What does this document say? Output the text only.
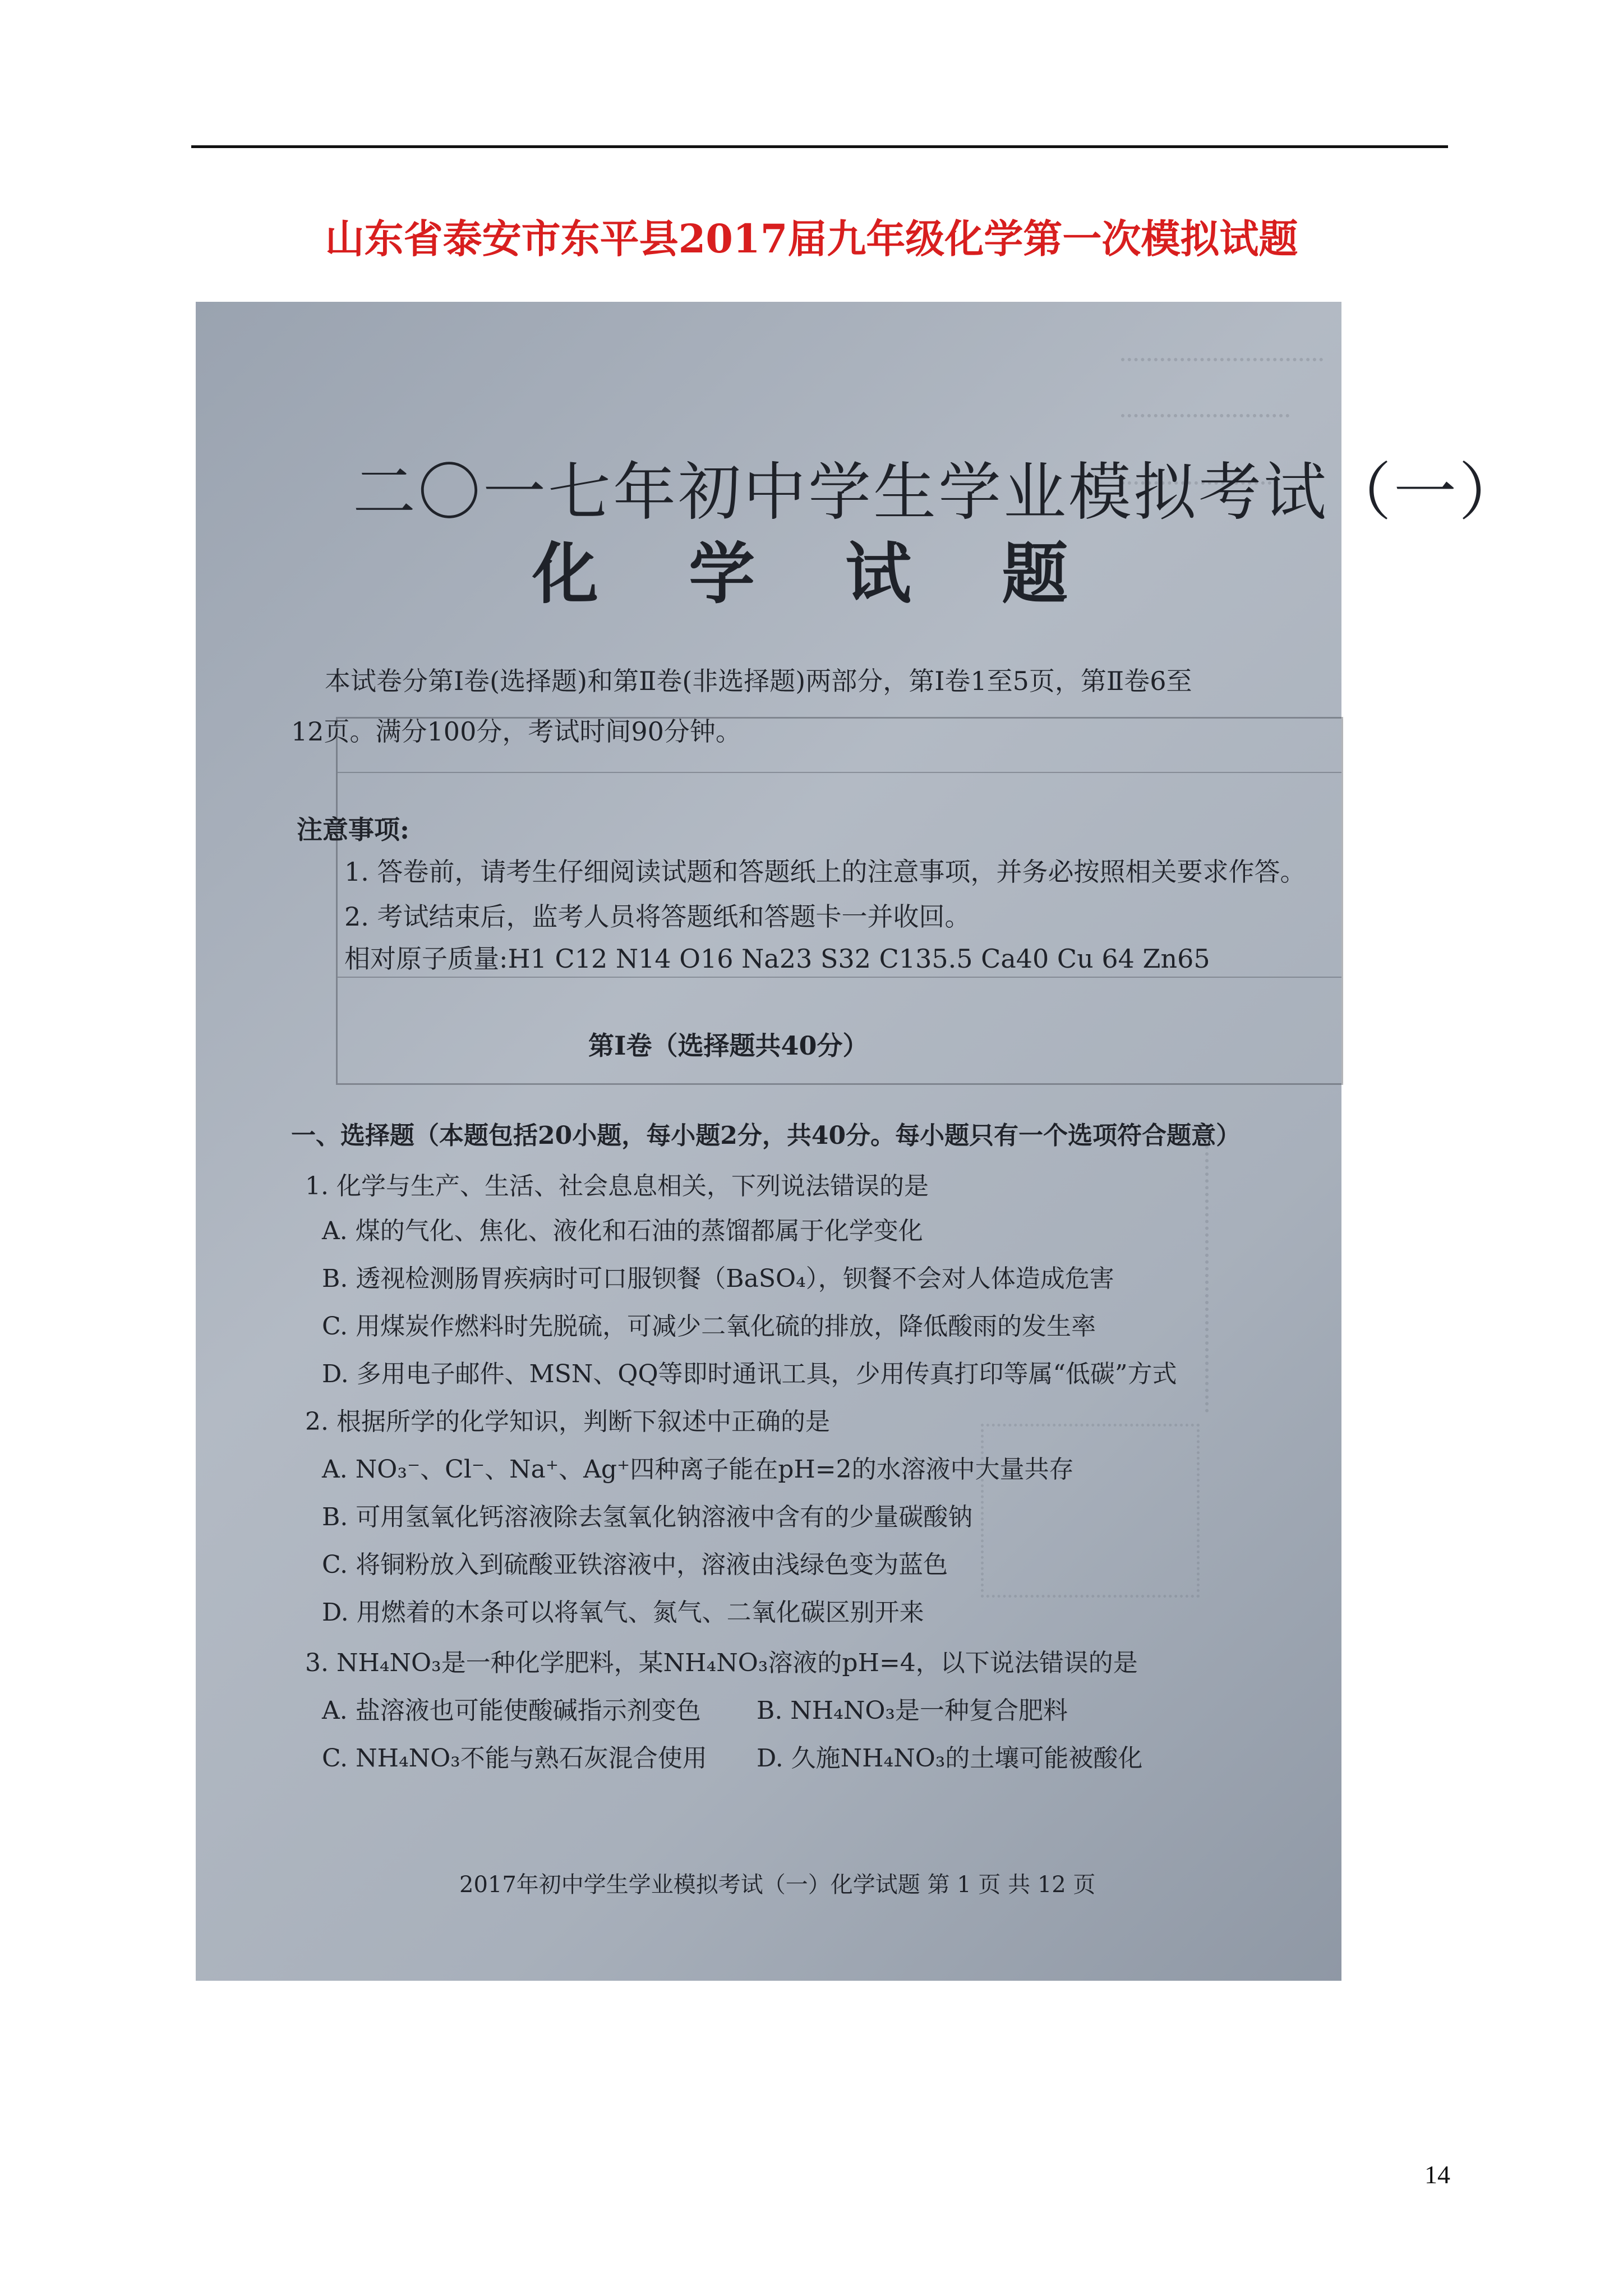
山东省泰安市东平县2017届九年级化学第一次模拟试题
二〇一七年初中学生学业模拟考试（一）
化 学 试 题
本试卷分第Ⅰ卷(选择题)和第Ⅱ卷(非选择题)两部分，第Ⅰ卷1至5页，第Ⅱ卷6至
12页。满分100分，考试时间90分钟。
注意事项:
1. 答卷前，请考生仔细阅读试题和答题纸上的注意事项，并务必按照相关要求作答。
2. 考试结束后，监考人员将答题纸和答题卡一并收回。
相对原子质量:H1 C12 N14 O16 Na23 S32 C135.5 Ca40 Cu 64 Zn65
第Ⅰ卷（选择题共40分）
一、选择题（本题包括20小题，每小题2分，共40分。每小题只有一个选项符合题意）
1. 化学与生产、生活、社会息息相关，下列说法错误的是
A. 煤的气化、焦化、液化和石油的蒸馏都属于化学变化
B. 透视检测肠胃疾病时可口服钡餐（BaSO₄），钡餐不会对人体造成危害
C. 用煤炭作燃料时先脱硫，可减少二氧化硫的排放，降低酸雨的发生率
D. 多用电子邮件、MSN、QQ等即时通讯工具，少用传真打印等属“低碳”方式
2. 根据所学的化学知识，判断下叙述中正确的是
A. NO₃⁻、Cl⁻、Na⁺、Ag⁺四种离子能在pH=2的水溶液中大量共存
B. 可用氢氧化钙溶液除去氢氧化钠溶液中含有的少量碳酸钠
C. 将铜粉放入到硫酸亚铁溶液中，溶液由浅绿色变为蓝色
D. 用燃着的木条可以将氧气、氮气、二氧化碳区别开来
3. NH₄NO₃是一种化学肥料，某NH₄NO₃溶液的pH=4，以下说法错误的是
A. 盐溶液也可能使酸碱指示剂变色 B. NH₄NO₃是一种复合肥料
C. NH₄NO₃不能与熟石灰混合使用 D. 久施NH₄NO₃的土壤可能被酸化
2017年初中学生学业模拟考试（一）化学试题 第 1 页 共 12 页
14
